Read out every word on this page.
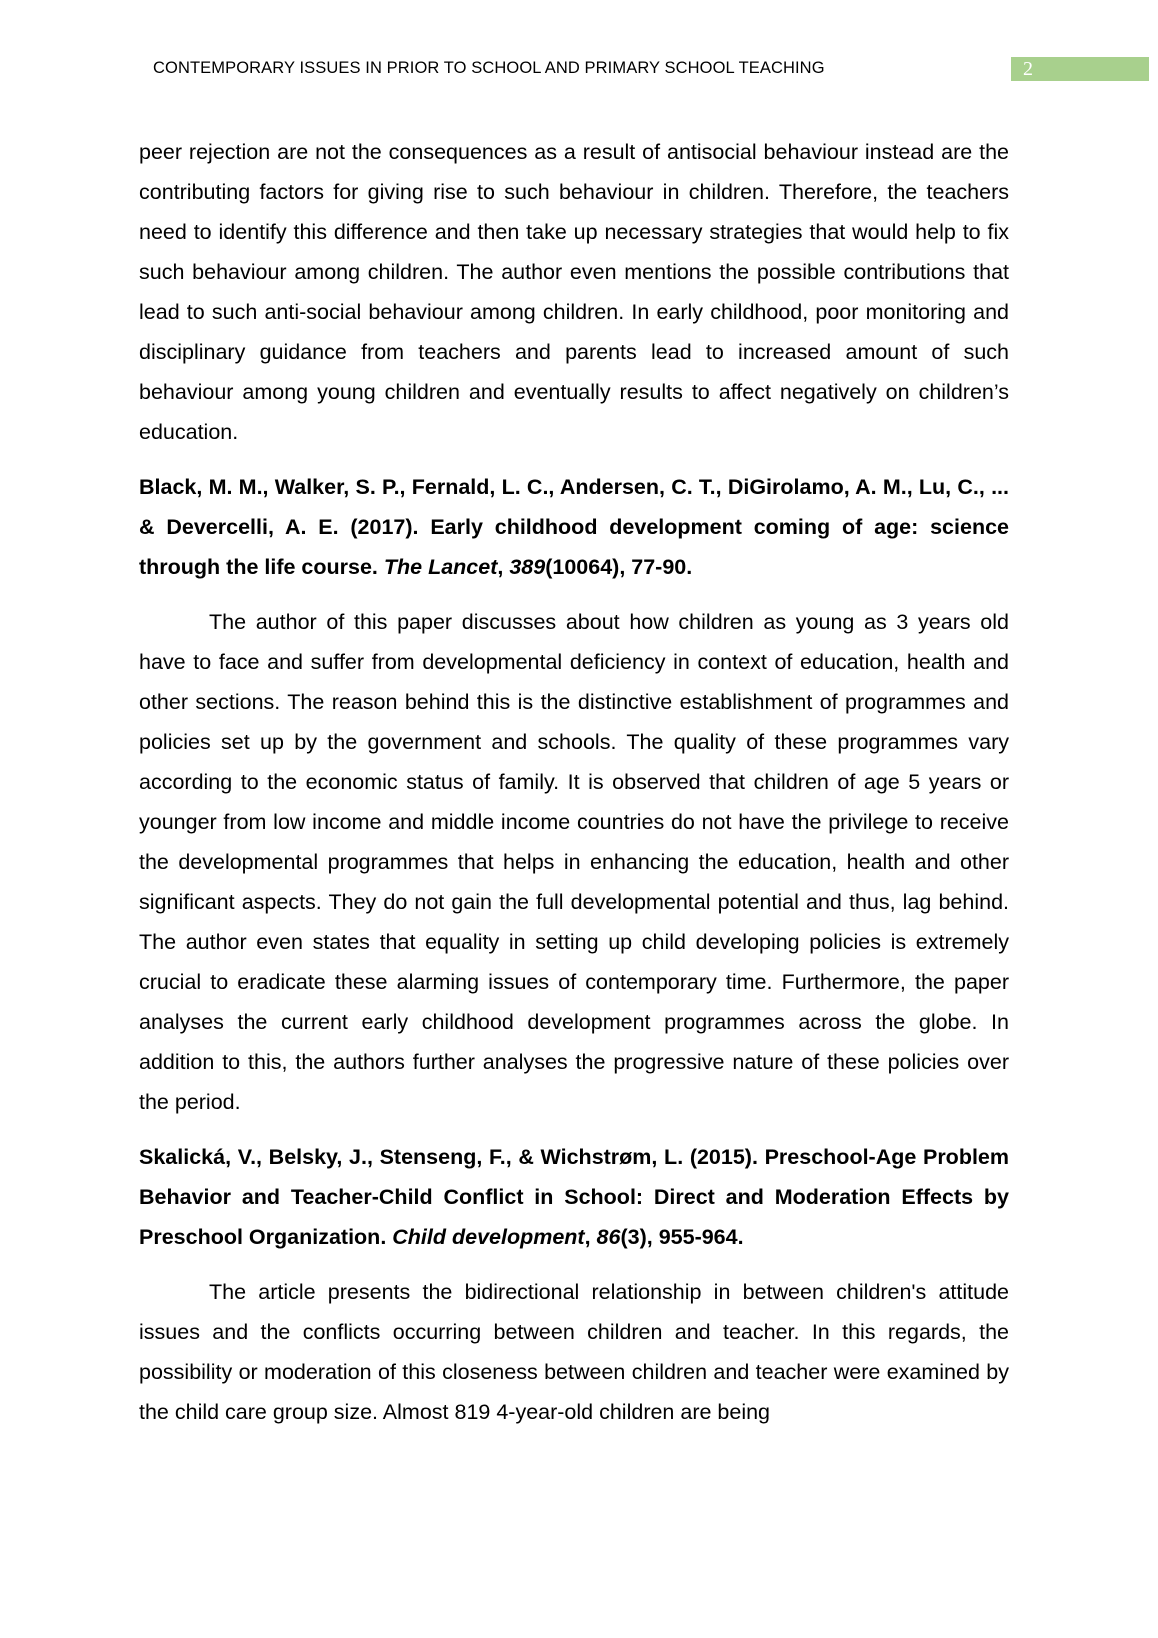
CONTEMPORARY ISSUES IN PRIOR TO SCHOOL AND PRIMARY SCHOOL TEACHING	2

peer rejection are not the consequences as a result of antisocial behaviour instead are the contributing factors for giving rise to such behaviour in children. Therefore, the teachers need to identify this difference and then take up necessary strategies that would help to fix such behaviour among children. The author even mentions the possible contributions that lead to such anti-social behaviour among children. In early childhood, poor monitoring and disciplinary guidance from teachers and parents lead to increased amount of such behaviour among young children and eventually results to affect negatively on children’s education.

Black, M. M., Walker, S. P., Fernald, L. C., Andersen, C. T., DiGirolamo, A. M., Lu, C., ... & Devercelli, A. E. (2017). Early childhood development coming of age: science through the life course. The Lancet, 389(10064), 77-90.

The author of this paper discusses about how children as young as 3 years old have to face and suffer from developmental deficiency in context of education, health and other sections. The reason behind this is the distinctive establishment of programmes and policies set up by the government and schools. The quality of these programmes vary according to the economic status of family. It is observed that children of age 5 years or younger from low income and middle income countries do not have the privilege to receive the developmental programmes that helps in enhancing the education, health and other significant aspects. They do not gain the full developmental potential and thus, lag behind. The author even states that equality in setting up child developing policies is extremely crucial to eradicate these alarming issues of contemporary time. Furthermore, the paper analyses the current early childhood development programmes across the globe. In addition to this, the authors further analyses the progressive nature of these policies over the period.

Skalická, V., Belsky, J., Stenseng, F., & Wichstrøm, L. (2015). Preschool‐Age Problem Behavior and Teacher‐Child Conflict in School: Direct and Moderation Effects by Preschool Organization. Child development, 86(3), 955-964.

The article presents the bidirectional relationship in between children's attitude issues and the conflicts occurring between children and teacher. In this regards, the possibility or moderation of this closeness between children and teacher were examined by the child care group size. Almost 819 4-year-old children are being
